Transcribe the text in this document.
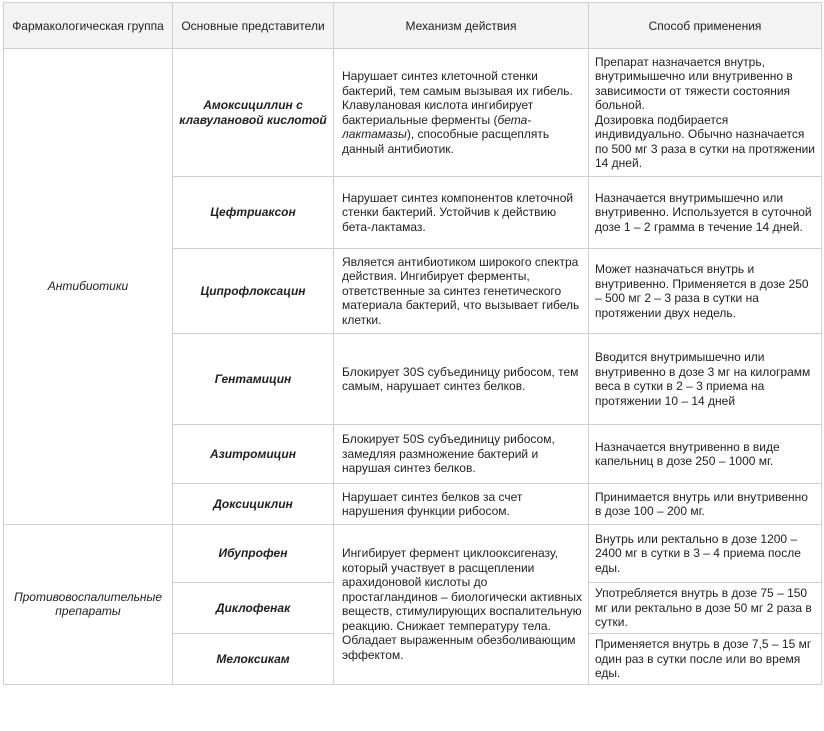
Фармакологическая группа	Основные представители	Механизм действия	Способ применения
Антибиотики	Амоксициллин с клавулановой кислотой	Нарушает синтез клеточной стенки бактерий, тем самым вызывая их гибель. Клавулановая кислота ингибирует бактериальные ферменты (бета-лактамазы), способные расщеплять данный антибиотик.	Препарат назначается внутрь, внутримышечно или внутривенно в зависимости от тяжести состояния больной.
Дозировка подбирается индивидуально. Обычно назначается по 500 мг 3 раза в сутки на протяжении 14 дней.
	Цефтриаксон	Нарушает синтез компонентов клеточной стенки бактерий. Устойчив к действию бета-лактамаз.	Назначается внутримышечно или внутривенно. Используется в суточной дозе 1 – 2 грамма в течение 14 дней.
	Ципрофлоксацин	Является антибиотиком широкого спектра действия. Ингибирует ферменты, ответственные за синтез генетического материала бактерий, что вызывает гибель клетки.	Может назначаться внутрь и внутривенно. Применяется в дозе 250 – 500 мг 2 – 3 раза в сутки на протяжении двух недель.
	Гентамицин	Блокирует 30S субъединицу рибосом, тем самым, нарушает синтез белков.	Вводится внутримышечно или внутривенно в дозе 3 мг на килограмм веса в сутки в 2 – 3 приема на протяжении 10 – 14 дней
	Азитромицин	Блокирует 50S субъединицу рибосом, замедляя размножение бактерий и нарушая синтез белков.	Назначается внутривенно в виде капельниц в дозе 250 – 1000 мг.
	Доксициклин	Нарушает синтез белков за счет нарушения функции рибосом.	Принимается внутрь или внутривенно в дозе 100 – 200 мг.
Противовоспалительные препараты	Ибупрофен	Ингибирует фермент циклооксигеназу, который участвует в расщеплении арахидоновой кислоты до простагландинов – биологически активных веществ, стимулирующих воспалительную реакцию. Снижает температуру тела. Обладает выраженным обезболивающим эффектом.	Внутрь или ректально в дозе 1200 – 2400 мг в сутки в 3 – 4 приема после еды.
	Диклофенак		Употребляется внутрь в дозе 75 – 150 мг или ректально в дозе 50 мг 2 раза в сутки.
	Мелоксикам		Применяется внутрь в дозе 7,5 – 15 мг один раз в сутки после или во время еды.
